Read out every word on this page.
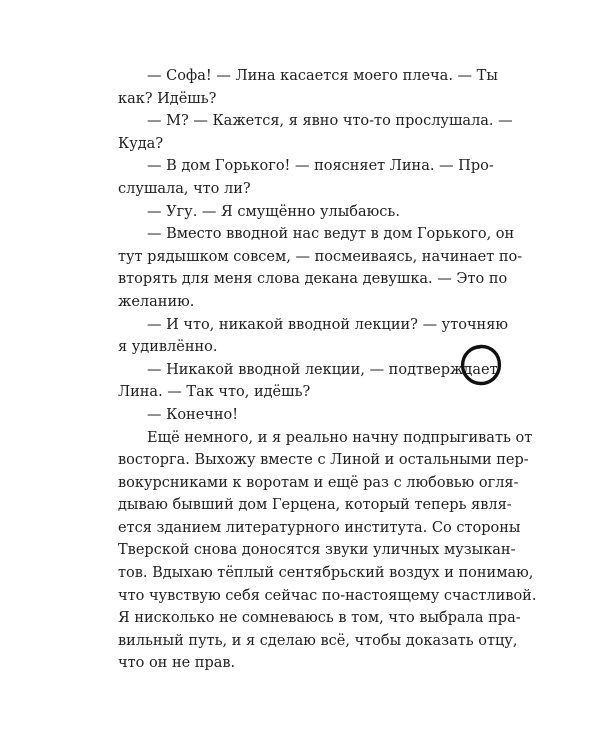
— Софа! — Лина касается моего плеча. — Ты
как? Идёшь?
— М? — Кажется, я явно что-то прослушала. —
Куда?
— В дом Горького! — поясняет Лина. — Про-
слушала, что ли?
— Угу. — Я смущённо улыбаюсь.
— Вместо вводной нас ведут в дом Горького, он
тут рядышком совсем, — посмеиваясь, начинает по-
вторять для меня слова декана девушка. — Это по
желанию.
— И что, никакой вводной лекции? — уточняю
я удивлённо.
— Никакой вводной лекции, — подтверждает
Лина. — Так что, идёшь?
— Конечно!
Ещё немного, и я реально начну подпрыгивать от
восторга. Выхожу вместе с Линой и остальными пер-
вокурсниками к воротам и ещё раз с любовью огля-
дываю бывший дом Герцена, который теперь явля-
ется зданием литературного института. Со стороны
Тверской снова доносятся звуки уличных музыкан-
тов. Вдыхаю тёплый сентябрьский воздух и понимаю,
что чувствую себя сейчас по-настоящему счастливой.
Я нисколько не сомневаюсь в том, что выбрала пра-
вильный путь, и я сделаю всё, чтобы доказать отцу,
что он не прав.
